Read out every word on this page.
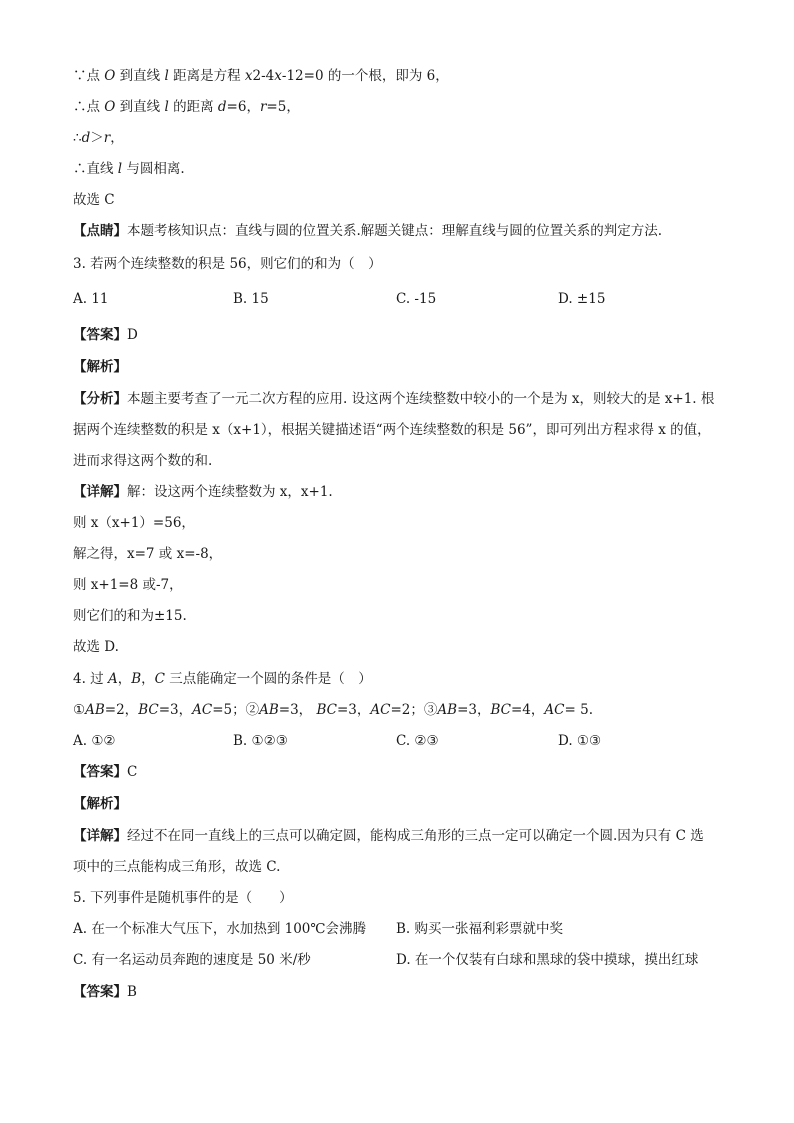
∵点 O 到直线 l 距离是方程 x2-4x-12=0 的一个根，即为 6，
∴点 O 到直线 l 的距离 d=6，r=5，
∴d＞r，
∴直线 l 与圆相离.
故选 C
【点睛】本题考核知识点：直线与圆的位置关系.解题关键点：理解直线与圆的位置关系的判定方法.
3. 若两个连续整数的积是 56，则它们的和为（　）
A. 11	B. 15	C. -15	D. ±15
【答案】D
【解析】
【分析】本题主要考查了一元二次方程的应用. 设这两个连续整数中较小的一个是为 x，则较大的是 x+1. 根
据两个连续整数的积是 x（x+1），根据关键描述语“两个连续整数的积是 56”，即可列出方程求得 x 的值，
进而求得这两个数的和.
【详解】解：设这两个连续整数为 x，x+1.
则 x（x+1）=56，
解之得，x=7 或 x=-8，
则 x+1=8 或-7，
则它们的和为±15.
故选 D.
4. 过 A，B，C 三点能确定一个圆的条件是（　）
①AB=2，BC=3，AC=5；②AB=3， BC=3，AC=2；③AB=3，BC=4，AC= 5.
A. ①②	B. ①②③	C. ②③	D. ①③
【答案】C
【解析】
【详解】经过不在同一直线上的三点可以确定圆，能构成三角形的三点一定可以确定一个圆.因为只有 C 选
项中的三点能构成三角形，故选 C.
5. 下列事件是随机事件的是（　　）
A. 在一个标准大气压下，水加热到 100℃会沸腾 B. 购买一张福利彩票就中奖
C. 有一名运动员奔跑的速度是 50 米/秒	D. 在一个仅装有白球和黑球的袋中摸球，摸出红球
【答案】B
